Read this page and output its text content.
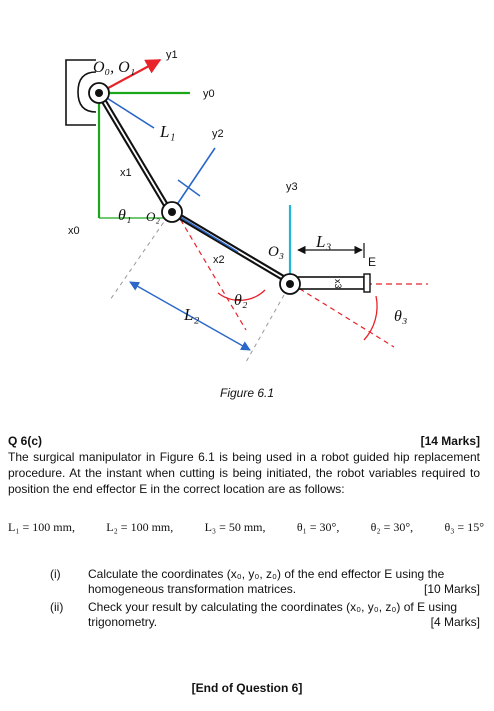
O₀, O₁
y1
y0
L₁	y2
x1
x0
θ₁ O₂
x2
y3
O₃
L₃
E
x3
L₂
θ₂
θ₃
Figure 6.1
Q 6(c)	[14 Marks]
The surgical manipulator in Figure 6.1 is being used in a robot guided hip replacement procedure. At the instant when cutting is being initiated, the robot variables required to position the end effector E in the correct location are as follows:
L₁ = 100 mm,	L₂ = 100 mm,	L₃ = 50 mm,	θ₁ = 30°,	θ₂ = 30°,	θ₃ = 15°
(i) Calculate the coordinates (x₀, y₀, z₀) of the end effector E using the
homogeneous transformation matrices.	[10 Marks]
(ii) Check your result by calculating the coordinates (x₀, y₀, z₀) of E using
trigonometry.	[4 Marks]
[End of Question 6]
